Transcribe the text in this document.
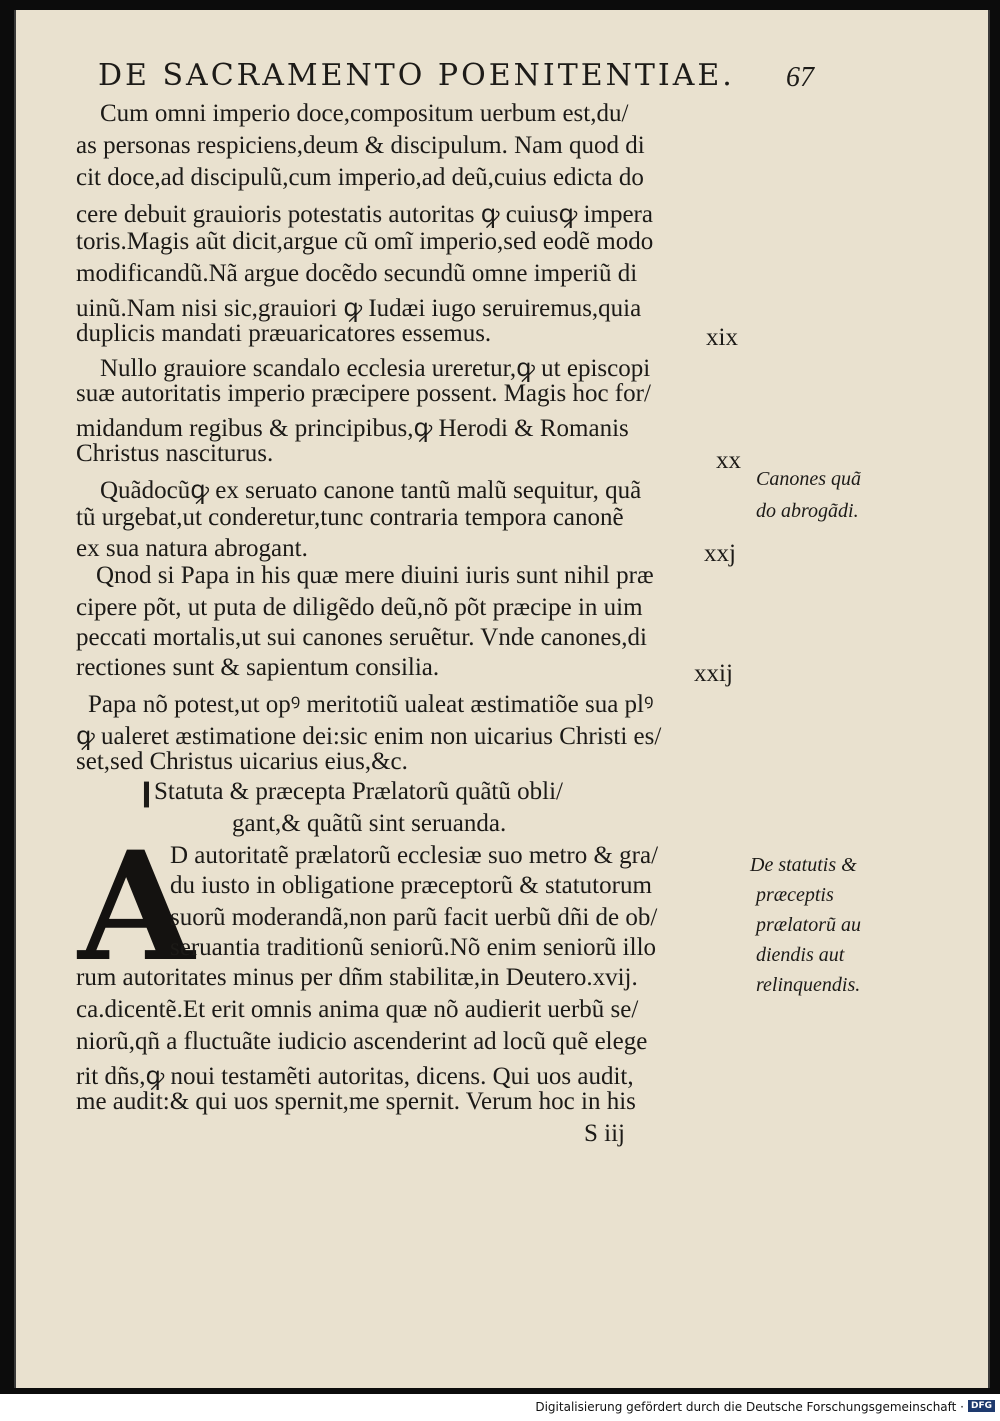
DE SACRAMENTO POENITENTIAE.	67
Cum omni imperio doce,compositum uerbum est,du/
as personas respiciens,deum & discipulum. Nam quod di
cit doce,ad discipulũ,cum imperio,ad deũ,cuius edicta do
cere debuit grauioris potestatis autoritas ꝙ cuiusꝙ impera
toris.Magis aũt dicit,argue cũ omĩ imperio,sed eodẽ modo
modificandũ.Nã argue docẽdo secundũ omne imperiũ di
uinũ.Nam nisi sic,grauiori ꝙ Iudæi iugo seruiremus,quia
duplicis mandati præuaricatores essemus.	xix
Nullo grauiore scandalo ecclesia ureretur,ꝙ ut episcopi
suæ autoritatis imperio præcipere possent. Magis hoc for/
midandum regibus & principibus,ꝙ Herodi & Romanis
Christus nasciturus.	xx
Quãdocũꝙ ex seruato canone tantũ malũ sequitur, quã
tũ urgebat,ut conderetur,tunc contraria tempora canonẽ
ex sua natura abrogant.	xxj
Canones quã
do abrogãdi.
Qnod si Papa in his quæ mere diuini iuris sunt nihil præ
cipere põt, ut puta de diligẽdo deũ,nõ põt præcipe in uim
peccati mortalis,ut sui canones seruẽtur. Vnde canones,di
rectiones sunt & sapientum consilia.	xxij
Papa nõ potest,ut opꝰ meritotiũ ualeat æstimatiõe sua plꝰ
ꝙ ualeret æstimatione dei:sic enim non uicarius Christi es/
set,sed Christus uicarius eius,&c.
❙
Statuta & præcepta Prælatorũ quãtũ obli/
gant,& quãtũ sint seruanda.
A
D autoritatẽ prælatorũ ecclesiæ suo metro & gra/
du iusto in obligatione præceptorũ & statutorum
suorũ moderandã,non parũ facit uerbũ dñi de ob/
seruantia traditionũ seniorũ.Nõ enim seniorũ illo
rum autoritates minus per dñm stabilitæ,in Deutero.xvij.
ca.dicentẽ.Et erit omnis anima quæ nõ audierit uerbũ se/
niorũ,qñ a fluctuãte iudicio ascenderint ad locũ quẽ elege
rit dñs,ꝙ noui testamẽti autoritas, dicens. Qui uos audit,
me audit:& qui uos spernit,me spernit. Verum hoc in his
De statutis &
præceptis
prælatorũ au
diendis aut
relinquendis.
S iij
Digitalisierung gefördert durch die Deutsche Forschungsgemeinschaft · DFG
